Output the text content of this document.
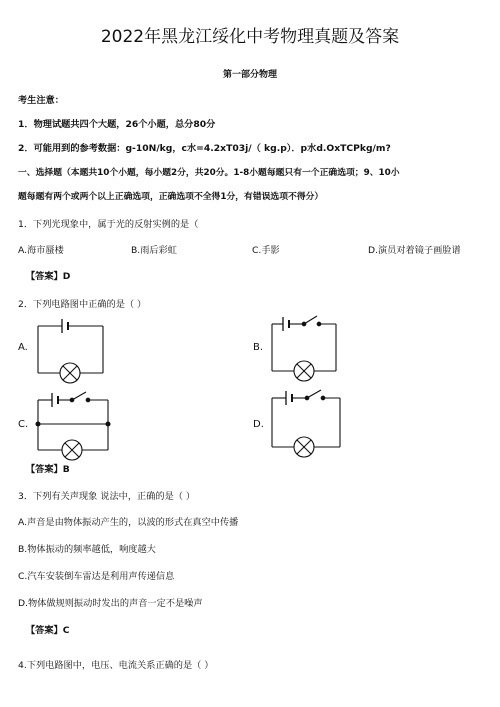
2022年黑龙江绥化中考物理真题及答案
第一部分物理
考生注意：
1．物理试题共四个大题，26个小题，总分80分
2．可能用到的参考数据：g-10N/kg，c水=4.2xT03j/（ kg.p）．p水d.OxTCPkg/m?
一、选择题（本题共10个小题，每小题2分，共20分。1-8小题每题只有一个正确选项；9、10小
题每题有两个或两个以上正确选项，正确选项不全得1分，有错误选项不得分）
1．下列光现象中，属于光的反射实例的是（
A.海市蜃楼	B.雨后彩虹	C.手影	D.演员对着镜子画脸谱
【答案】D
2．下列电路图中正确的是（ ）
A.	B.
C.	D.
【答案】B
3．下列有关声现象 说法中，正确的是（ ）
A.声音是由物体振动产生的，以波的形式在真空中传播
B.物体振动的频率越低，响度越大
C.汽车安装倒车雷达是利用声传递信息
D.物体做规则振动时发出的声音一定不是噪声
【答案】C
4.下列电路图中，电压、电流关系正确的是（ ）
